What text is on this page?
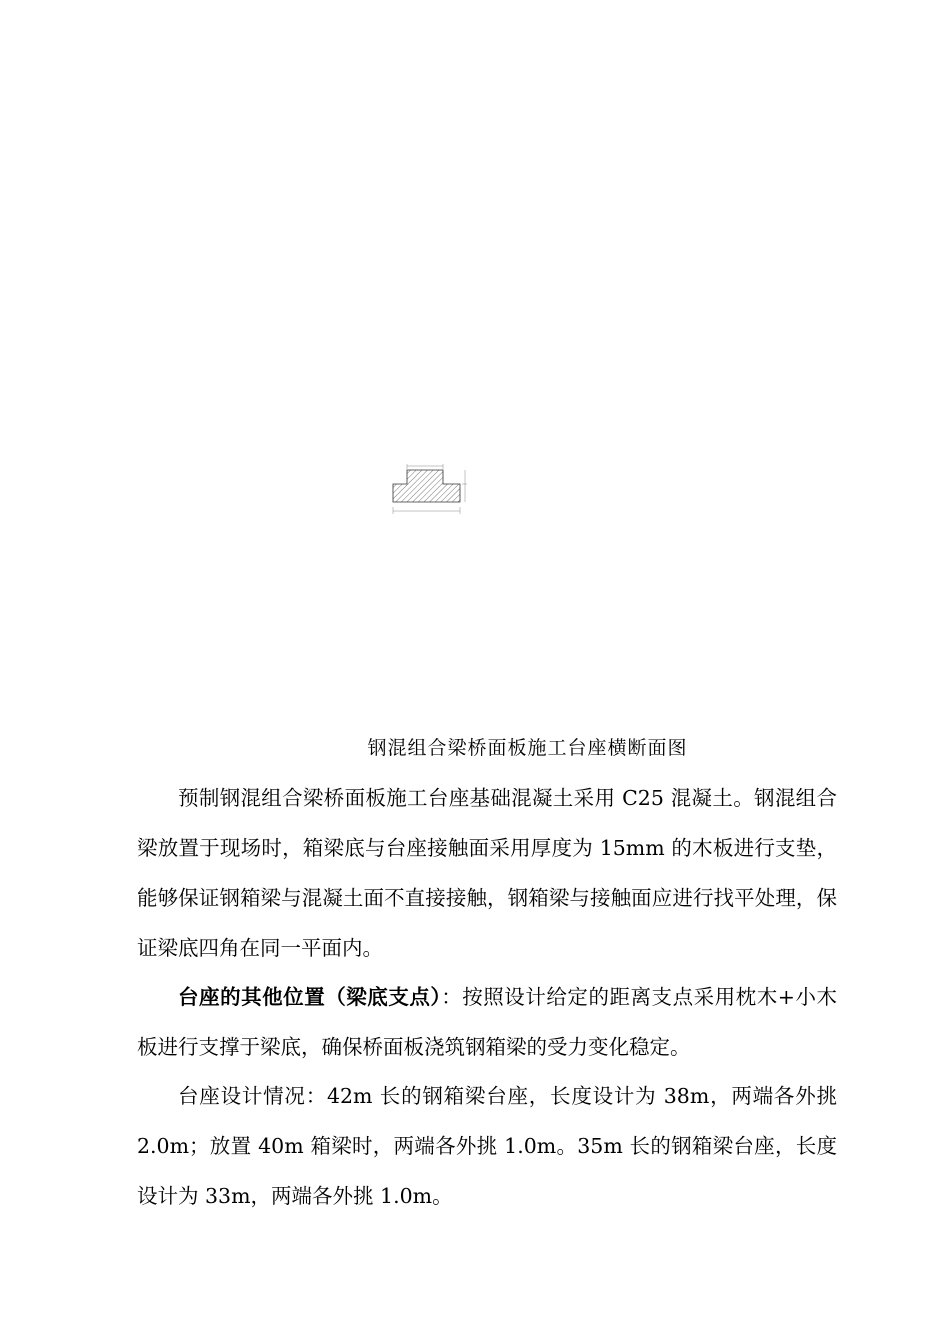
钢混组合梁桥面板施工台座横断面图

预制钢混组合梁桥面板施工台座基础混凝土采用 C25 混凝土。钢混组合梁放置于现场时，箱梁底与台座接触面采用厚度为 15mm 的木板进行支垫，能够保证钢箱梁与混凝土面不直接接触，钢箱梁与接触面应进行找平处理，保证梁底四角在同一平面内。

台座的其他位置（梁底支点）：按照设计给定的距离支点采用枕木+小木板进行支撑于梁底，确保桥面板浇筑钢箱梁的受力变化稳定。

台座设计情况：42m 长的钢箱梁台座，长度设计为 38m，两端各外挑 2.0m；放置 40m 箱梁时，两端各外挑 1.0m。35m 长的钢箱梁台座，长度设计为 33m，两端各外挑 1.0m。
